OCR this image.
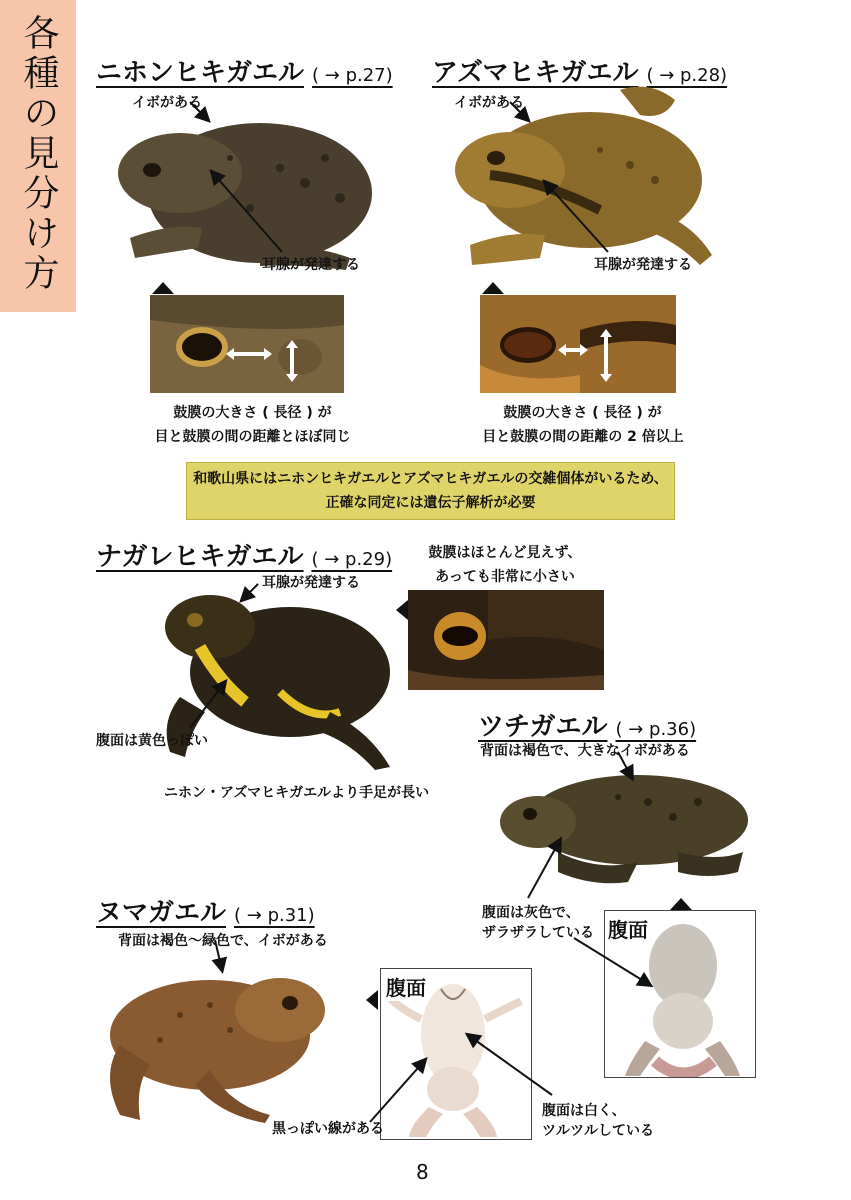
各種の見分け方	ニホンヒキガエル ( → p.27)
イボがある
耳腺が発達する
鼓膜の大きさ ( 長径 ) が
目と鼓膜の間の距離とほぼ同じ
アズマヒキガエル ( → p.28)
イボがある
耳腺が発達する
鼓膜の大きさ ( 長径 ) が
目と鼓膜の間の距離の 2 倍以上
和歌山県にはニホンヒキガエルとアズマヒキガエルの交雑個体がいるため、
正確な同定には遺伝子解析が必要
ナガレヒキガエル ( → p.29)
耳腺が発達する
鼓膜はほとんど見えず、
あっても非常に小さい
腹面は黄色っぽい
ニホン・アズマヒキガエルより手足が長い
ツチガエル ( → p.36)
背面は褐色で、大きなイボがある
腹面は灰色で、
ザラザラしている 腹面
ヌマガエル ( → p.31)
背面は褐色～緑色で、イボがある
腹面
黒っぽい線がある
腹面は白く、
ツルツルしている
8
